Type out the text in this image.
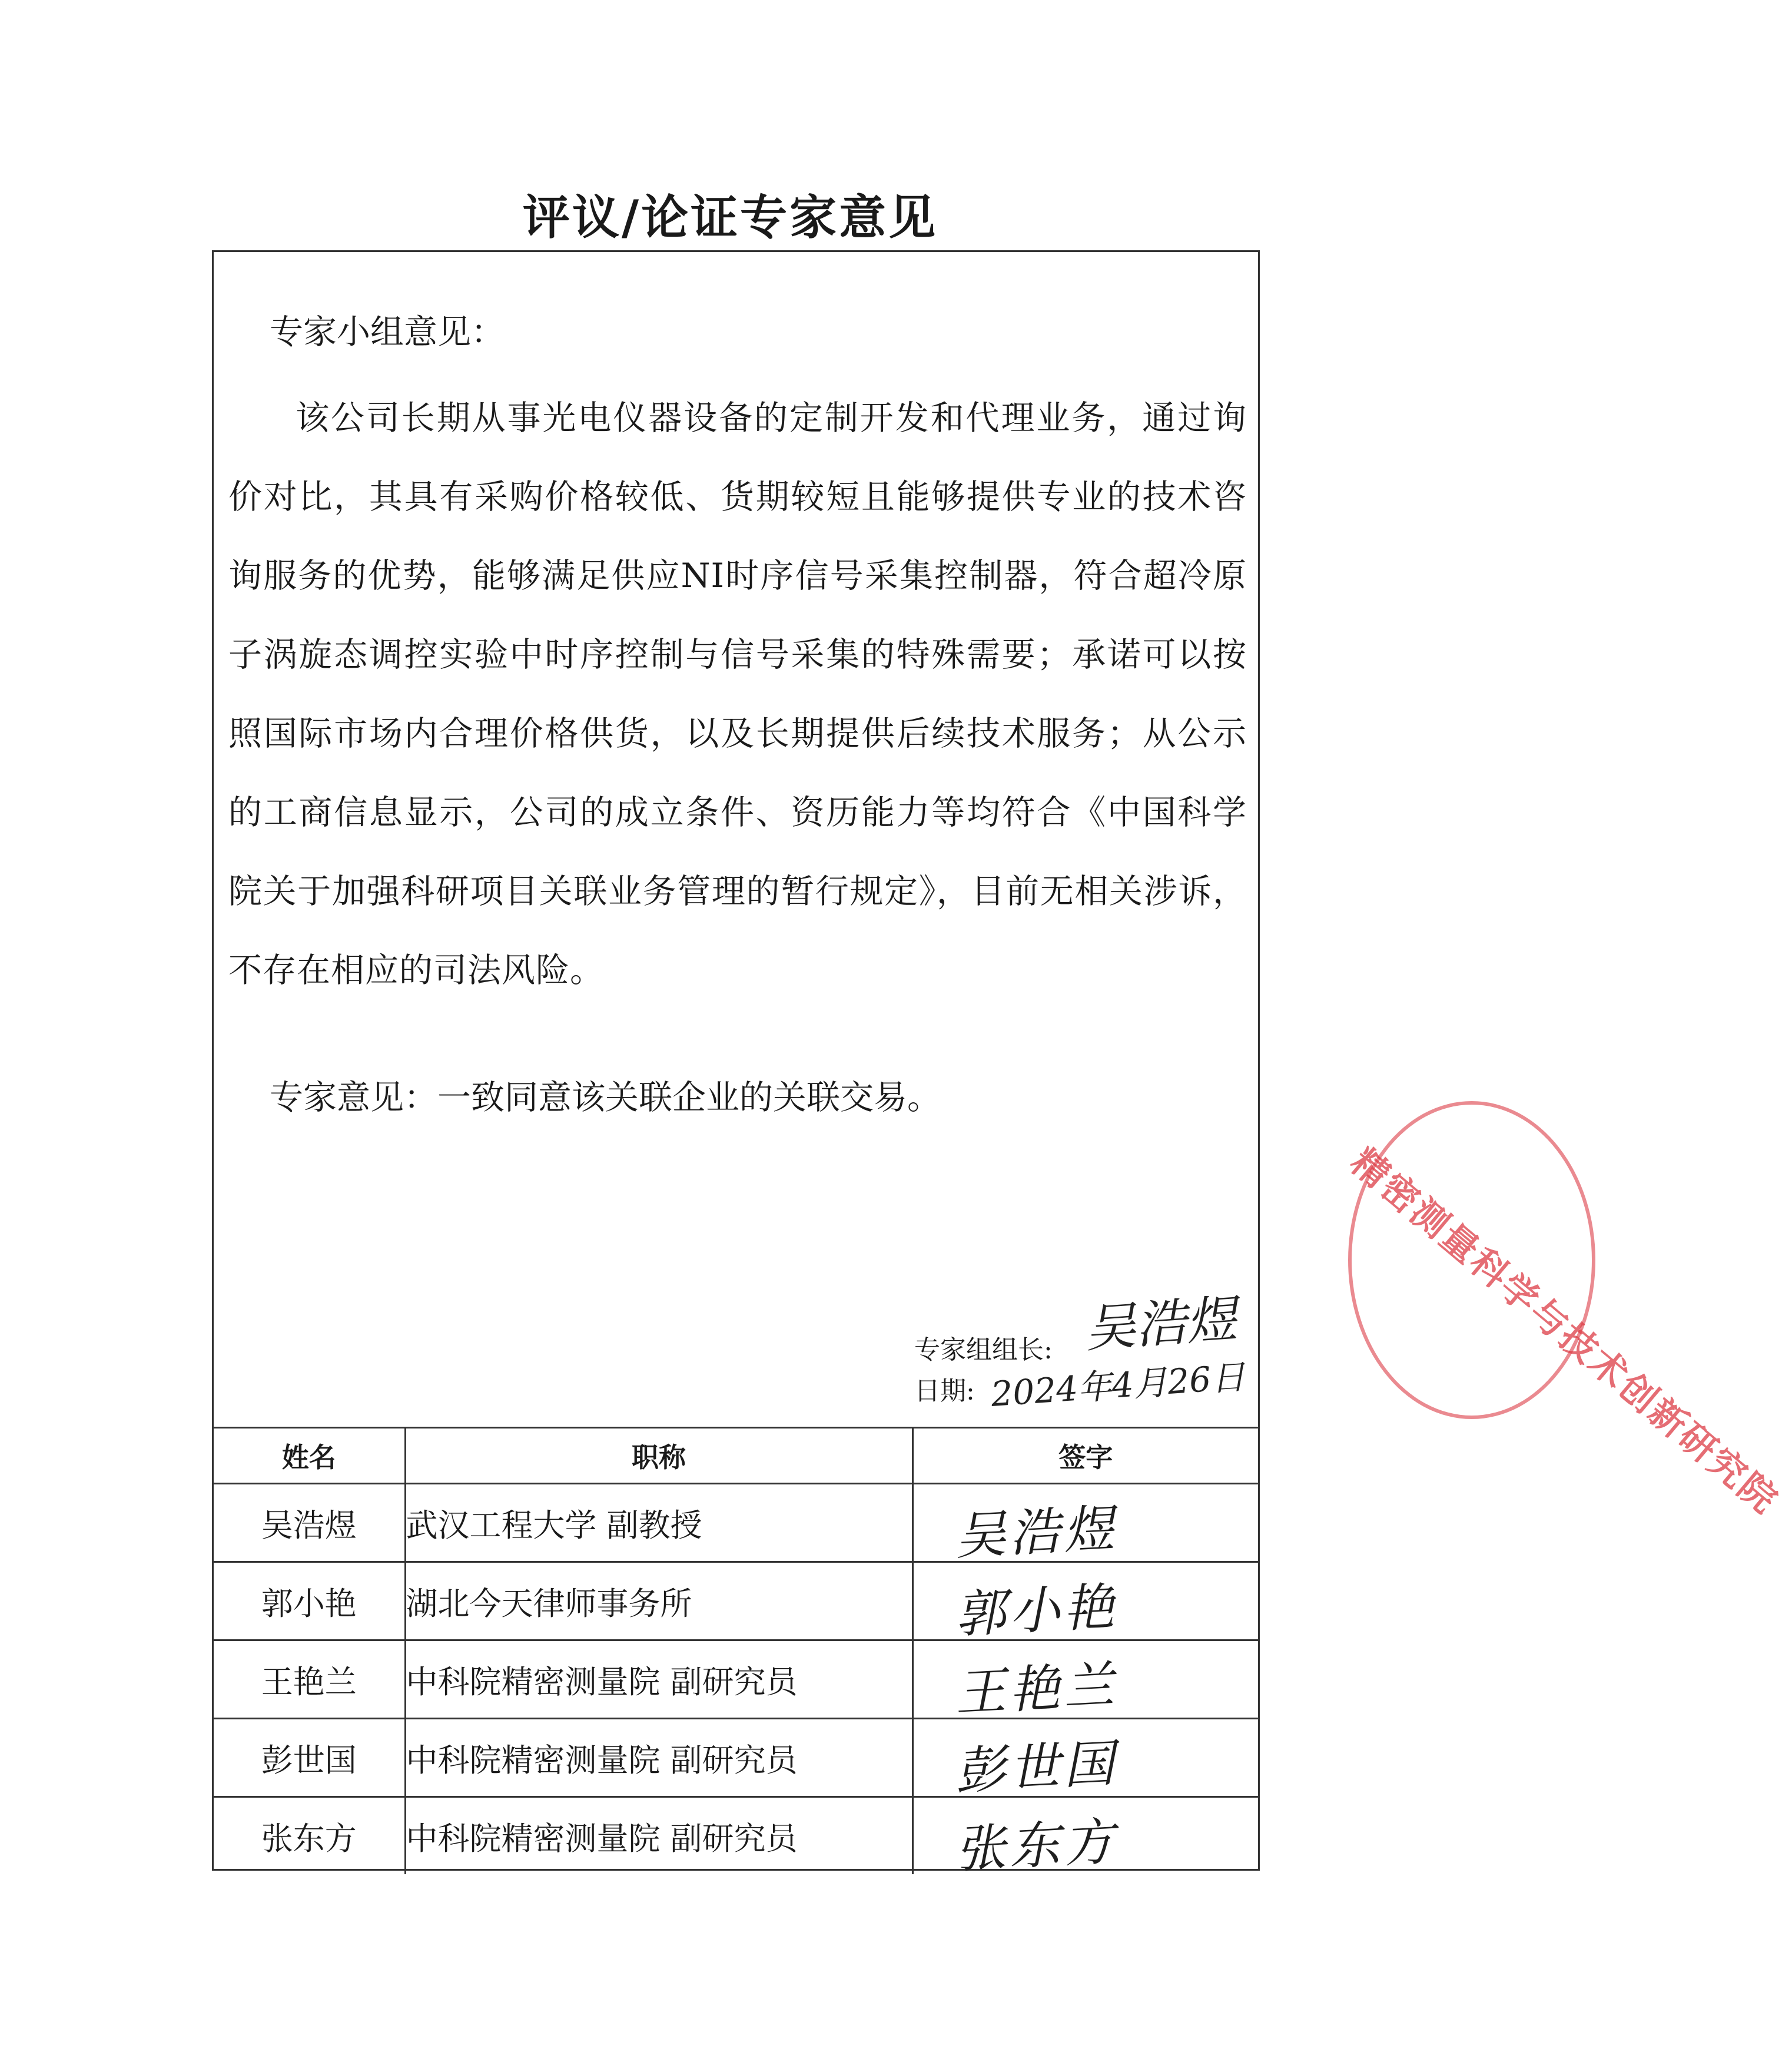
评议/论证专家意见
专家小组意见：
该公司长期从事光电仪器设备的定制开发和代理业务，通过询价对比，其具有采购价格较低、货期较短且能够提供专业的技术咨询服务的优势，能够满足供应NI时序信号采集控制器，符合超冷原子涡旋态调控实验中时序控制与信号采集的特殊需要；承诺可以按照国际市场内合理价格供货，以及长期提供后续技术服务；从公示的工商信息显示，公司的成立条件、资历能力等均符合《中国科学院关于加强科研项目关联业务管理的暂行规定》，目前无相关涉诉，不存在相应的司法风险。
专家意见：一致同意该关联企业的关联交易。
专家组组长: 吴浩煜
日期: 2024年4月26日
姓名	职称	签字
吴浩煜	武汉工程大学 副教授	吴浩煜

郭小艳	湖北今天律师事务所	郭小艳

王艳兰	中科院精密测量院 副研究员	王艳兰

彭世国	中科院精密测量院 副研究员	彭世国

张东方	中科院精密测量院 副研究员	张东方
精密测量科学与技术创新研究院
